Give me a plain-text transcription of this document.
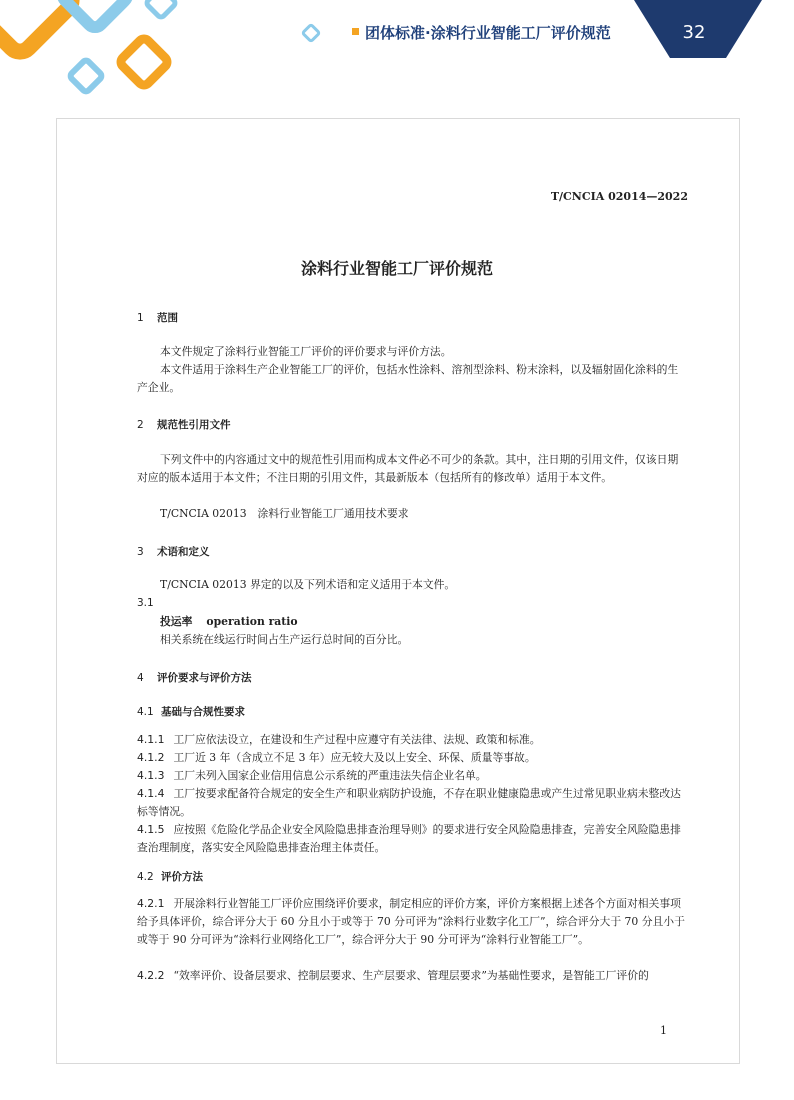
团体标准·涂料行业智能工厂评价规范	32
T/CNCIA 02014—2022
涂料行业智能工厂评价规范
1 范围
本文件规定了涂料行业智能工厂评价的评价要求与评价方法。
本文件适用于涂料生产企业智能工厂的评价，包括水性涂料、溶剂型涂料、粉末涂料，以及辐射固化涂料的生产企业。
2 规范性引用文件
下列文件中的内容通过文中的规范性引用而构成本文件必不可少的条款。其中，注日期的引用文件，仅该日期对应的版本适用于本文件；不注日期的引用文件，其最新版本（包括所有的修改单）适用于本文件。
T/CNCIA 02013　涂料行业智能工厂通用技术要求
3 术语和定义
T/CNCIA 02013 界定的以及下列术语和定义适用于本文件。
3.1
投运率 operation ratio
相关系统在线运行时间占生产运行总时间的百分比。
4 评价要求与评价方法
4.1 基础与合规性要求
4.1.1 工厂应依法设立，在建设和生产过程中应遵守有关法律、法规、政策和标准。
4.1.2 工厂近 3 年（含成立不足 3 年）应无较大及以上安全、环保、质量等事故。
4.1.3 工厂未列入国家企业信用信息公示系统的严重违法失信企业名单。
4.1.4 工厂按要求配备符合规定的安全生产和职业病防护设施，不存在职业健康隐患或产生过常见职业病未整改达标等情况。
4.1.5 应按照《危险化学品企业安全风险隐患排查治理导则》的要求进行安全风险隐患排查，完善安全风险隐患排查治理制度，落实安全风险隐患排查治理主体责任。
4.2 评价方法
4.2.1 开展涂料行业智能工厂评价应围绕评价要求，制定相应的评价方案，评价方案根据上述各个方面对相关事项给予具体评价，综合评分大于 60 分且小于或等于 70 分可评为“涂料行业数字化工厂”，综合评分大于 70 分且小于或等于 90 分可评为“涂料行业网络化工厂”，综合评分大于 90 分可评为“涂料行业智能工厂”。
4.2.2 “效率评价、设备层要求、控制层要求、生产层要求、管理层要求”为基础性要求，是智能工厂评价的
1
